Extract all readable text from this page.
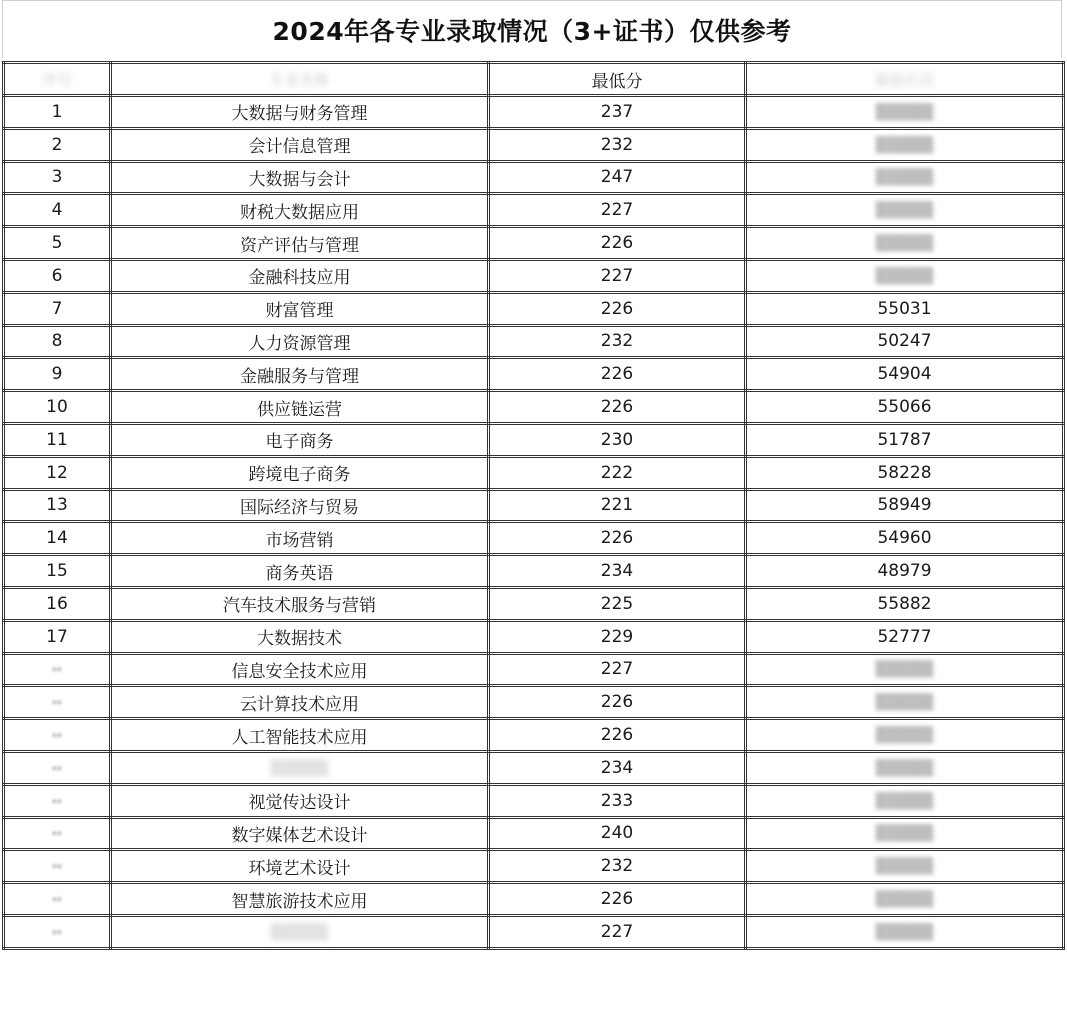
2024年各专业录取情况（3+证书）仅供参考
序号	专业名称	最低分	最低位次
1	大数据与财务管理	237	▒▒▒▒▒
2	会计信息管理	232	▒▒▒▒▒
3	大数据与会计	247	▒▒▒▒▒
4	财税大数据应用	227	▒▒▒▒▒
5	资产评估与管理	226	▒▒▒▒▒
6	金融科技应用	227	▒▒▒▒▒
7	财富管理	226	55031
8	人力资源管理	232	50247
9	金融服务与管理	226	54904
10	供应链运营	226	55066
11	电子商务	230	51787
12	跨境电子商务	222	58228
13	国际经济与贸易	221	58949
14	市场营销	226	54960
15	商务英语	234	48979
16	汽车技术服务与营销	225	55882
17	大数据技术	229	52777
··	信息安全技术应用	227	▒▒▒▒▒
··	云计算技术应用	226	▒▒▒▒▒
··	人工智能技术应用	226	▒▒▒▒▒
··	▒▒▒▒▒	234	▒▒▒▒▒
··	视觉传达设计	233	▒▒▒▒▒
··	数字媒体艺术设计	240	▒▒▒▒▒
··	环境艺术设计	232	▒▒▒▒▒
··	智慧旅游技术应用	226	▒▒▒▒▒
··	▒▒▒▒▒	227	▒▒▒▒▒
